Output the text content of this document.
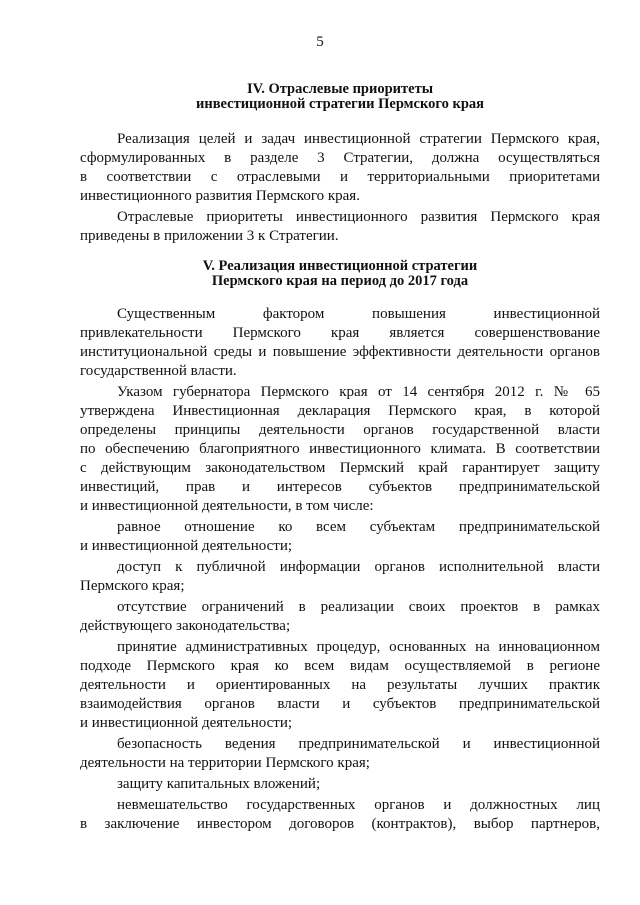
5
IV. Отраслевые приоритеты
инвестиционной стратегии Пермского края
Реализация целей и задач инвестиционной стратегии Пермского края,
сформулированных в разделе 3 Стратегии, должна осуществляться
в соответствии с отраслевыми и территориальными приоритетами
инвестиционного развития Пермского края.
Отраслевые приоритеты инвестиционного развития Пермского края
приведены в приложении 3 к Стратегии.
V. Реализация инвестиционной стратегии
Пермского края на период до 2017 года
Существенным фактором повышения инвестиционной
привлекательности Пермского края является совершенствование
институциональной среды и повышение эффективности деятельности органов
государственной власти.
Указом губернатора Пермского края от 14 сентября 2012 г. № 65
утверждена Инвестиционная декларация Пермского края, в которой
определены принципы деятельности органов государственной власти
по обеспечению благоприятного инвестиционного климата. В соответствии
с действующим законодательством Пермский край гарантирует защиту
инвестиций, прав и интересов субъектов предпринимательской
и инвестиционной деятельности, в том числе:
равное отношение ко всем субъектам предпринимательской
и инвестиционной деятельности;
доступ к публичной информации органов исполнительной власти
Пермского края;
отсутствие ограничений в реализации своих проектов в рамках
действующего законодательства;
принятие административных процедур, основанных на инновационном
подходе Пермского края ко всем видам осуществляемой в регионе
деятельности и ориентированных на результаты лучших практик
взаимодействия органов власти и субъектов предпринимательской
и инвестиционной деятельности;
безопасность ведения предпринимательской и инвестиционной
деятельности на территории Пермского края;
защиту капитальных вложений;
невмешательство государственных органов и должностных лиц
в заключение инвестором договоров (контрактов), выбор партнеров,
